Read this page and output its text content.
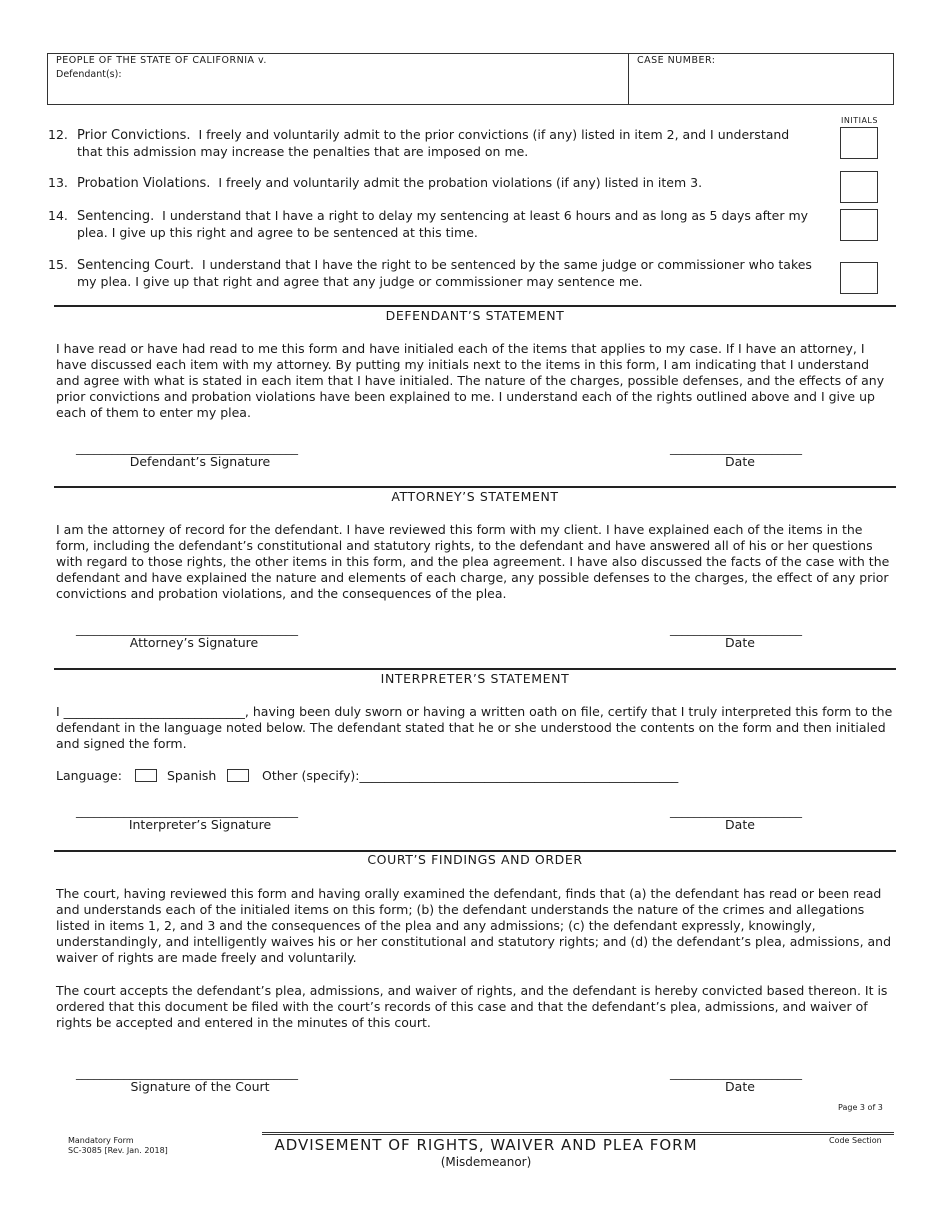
PEOPLE OF THE STATE OF CALIFORNIA v.
Defendant(s):
CASE NUMBER:
INITIALS
12. Prior Convictions. I freely and voluntarily admit to the prior convictions (if any) listed in item 2, and I understand that this admission may increase the penalties that are imposed on me.
13. Probation Violations. I freely and voluntarily admit the probation violations (if any) listed in item 3.
14. Sentencing. I understand that I have a right to delay my sentencing at least 6 hours and as long as 5 days after my plea. I give up this right and agree to be sentenced at this time.
15. Sentencing Court. I understand that I have the right to be sentenced by the same judge or commissioner who takes my plea. I give up that right and agree that any judge or commissioner may sentence me.
DEFENDANT’S STATEMENT
I have read or have had read to me this form and have initialed each of the items that applies to my case. If I have an attorney, I have discussed each item with my attorney. By putting my initials next to the items in this form, I am indicating that I understand and agree with what is stated in each item that I have initialed. The nature of the charges, possible defenses, and the effects of any prior convictions and probation violations have been explained to me. I understand each of the rights outlined above and I give up each of them to enter my plea.
_____________________________________
Defendant’s Signature
______________________
Date
ATTORNEY’S STATEMENT
I am the attorney of record for the defendant. I have reviewed this form with my client. I have explained each of the items in the form, including the defendant’s constitutional and statutory rights, to the defendant and have answered all of his or her questions with regard to those rights, the other items in this form, and the plea agreement. I have also discussed the facts of the case with the defendant and have explained the nature and elements of each charge, any possible defenses to the charges, the effect of any prior convictions and probation violations, and the consequences of the plea.
_____________________________________
Attorney’s Signature
______________________
Date
INTERPRETER’S STATEMENT
I _____________________________, having been duly sworn or having a written oath on file, certify that I truly interpreted this form to the defendant in the language noted below. The defendant stated that he or she understood the contents on the form and then initialed and signed the form.
Language:	Spanish	Other (specify):___________________________________________________
_____________________________________
Interpreter’s Signature
______________________
Date
COURT’S FINDINGS AND ORDER
The court, having reviewed this form and having orally examined the defendant, finds that (a) the defendant has read or been read and understands each of the initialed items on this form; (b) the defendant understands the nature of the crimes and allegations listed in items 1, 2, and 3 and the consequences of the plea and any admissions; (c) the defendant expressly, knowingly, understandingly, and intelligently waives his or her constitutional and statutory rights; and (d) the defendant’s plea, admissions, and waiver of rights are made freely and voluntarily.
The court accepts the defendant’s plea, admissions, and waiver of rights, and the defendant is hereby convicted based thereon. It is ordered that this document be filed with the court’s records of this case and that the defendant’s plea, admissions, and waiver of rights be accepted and entered in the minutes of this court.
_____________________________________
Signature of the Court
______________________
Date
Page 3 of 3
Mandatory Form
SC-3085 [Rev. Jan. 2018]	ADVISEMENT OF RIGHTS, WAIVER AND PLEA FORM
(Misdemeanor)
Code Section
